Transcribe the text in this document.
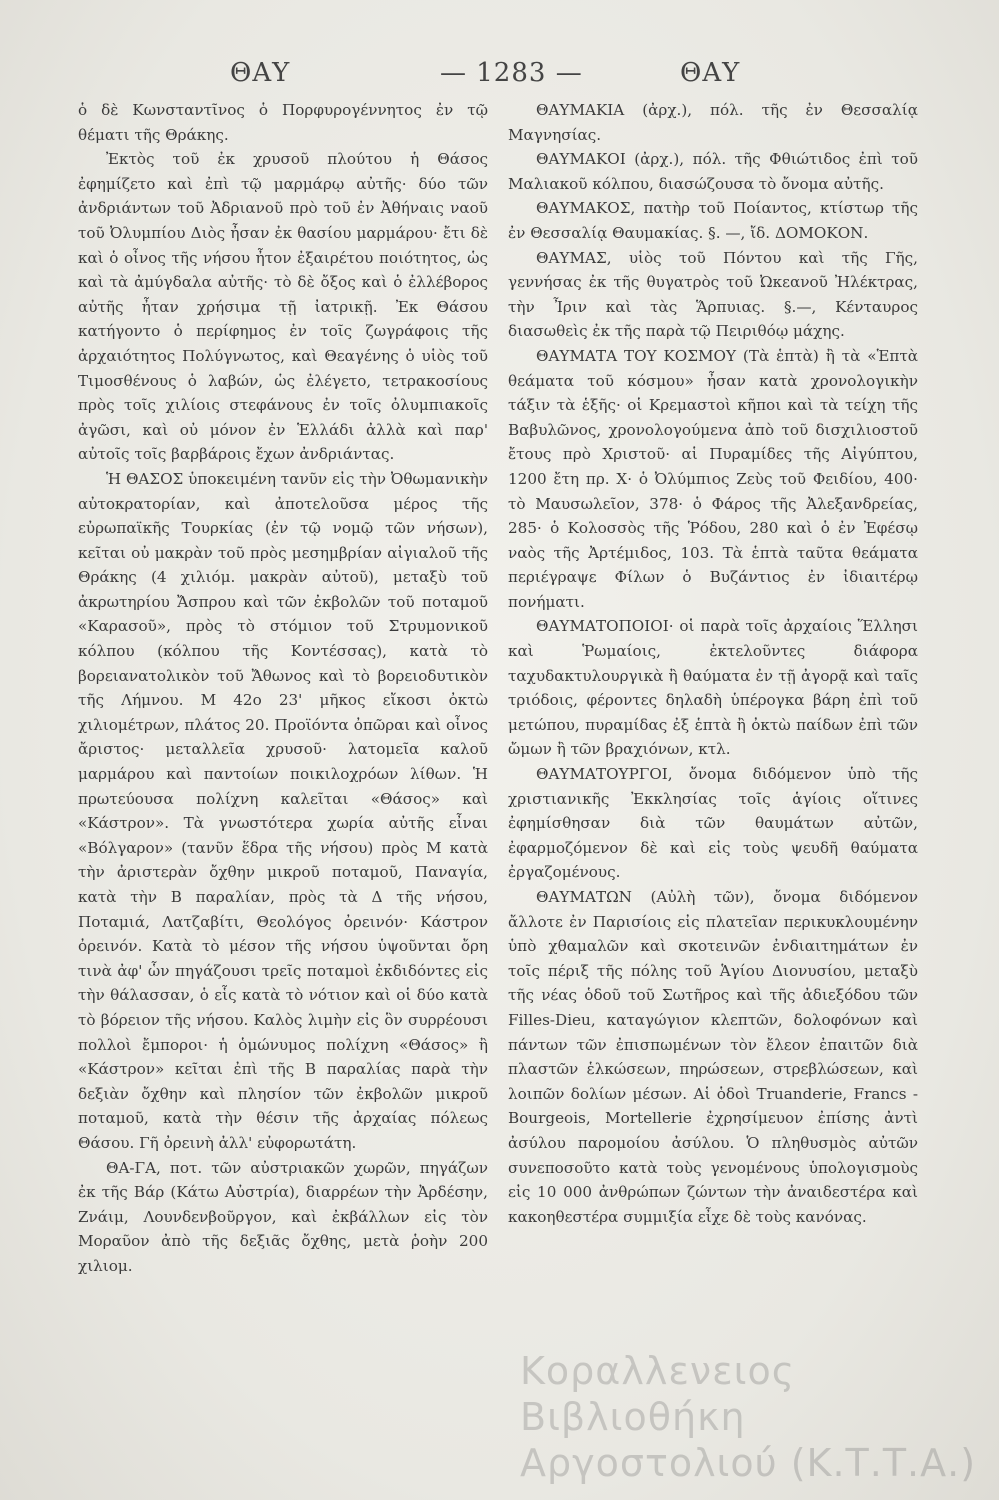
ΘΑΥ	— 1283 —	ΘΑΥ

ὁ δὲ Κωνσταντῖνος ὁ Πορφυρογέννητος ἐν τῷ θέματι τῆς Θράκης.

Ἐκτὸς τοῦ ἐκ χρυσοῦ πλούτου ἡ Θάσος ἐφημίζετο καὶ ἐπὶ τῷ μαρμάρῳ αὐτῆς· δύο τῶν ἀνδριάντων τοῦ Ἀδριανοῦ πρὸ τοῦ ἐν Ἀθήναις ναοῦ τοῦ Ὀλυμπίου Διὸς ἦσαν ἐκ θασίου μαρμάρου· ἔτι δὲ καὶ ὁ οἶνος τῆς νήσου ἦτον ἐξαιρέτου ποιότητος, ὡς καὶ τὰ ἀμύγδαλα αὐτῆς· τὸ δὲ ὄξος καὶ ὁ ἐλλέβορος αὐτῆς ἦταν χρήσιμα τῇ ἰατρικῇ. Ἐκ Θάσου κατήγοντο ὁ περίφημος ἐν τοῖς ζωγράφοις τῆς ἀρχαιότητος Πολύγνωτος, καὶ Θεαγένης ὁ υἱὸς τοῦ Τιμοσθένους ὁ λαβών, ὡς ἐλέγετο, τετρακοσίους πρὸς τοῖς χιλίοις στεφάνους ἐν τοῖς ὀλυμπιακοῖς ἀγῶσι, καὶ οὐ μόνον ἐν Ἑλλάδι ἀλλὰ καὶ παρ' αὐτοῖς τοῖς βαρβάροις ἔχων ἀνδριάντας.

Ἡ ΘΑΣΟΣ ὑποκειμένη τανῦν εἰς τὴν Ὀθωμανικὴν αὐτοκρατορίαν, καὶ ἀποτελοῦσα μέρος τῆς εὐρωπαϊκῆς Τουρκίας (ἐν τῷ νομῷ τῶν νήσων), κεῖται οὐ μακρὰν τοῦ πρὸς μεσημβρίαν αἰγιαλοῦ τῆς Θράκης (4 χιλιόμ. μακρὰν αὐτοῦ), μεταξὺ τοῦ ἀκρωτηρίου Ἄσπρου καὶ τῶν ἐκβολῶν τοῦ ποταμοῦ «Καρασοῦ», πρὸς τὸ στόμιον τοῦ Στρυμονικοῦ κόλπου (κόλπου τῆς Κοντέσσας), κατὰ τὸ βορειανατολικὸν τοῦ Ἄθωνος καὶ τὸ βορειοδυτικὸν τῆς Λήμνου. Μ 42ο 23' μῆκος εἴκοσι ὀκτὼ χιλιομέτρων, πλάτος 20. Προϊόντα ὀπῶραι καὶ οἶνος ἄριστος· μεταλλεῖα χρυσοῦ· λατομεῖα καλοῦ μαρμάρου καὶ παντοίων ποικιλοχρόων λίθων. Ἡ πρωτεύουσα πολίχνη καλεῖται «Θάσος» καὶ «Κάστρον». Τὰ γνωστότερα χωρία αὐτῆς εἶναι «Βόλγαρον» (τανῦν ἕδρα τῆς νήσου) πρὸς Μ κατὰ τὴν ἀριστερὰν ὄχθην μικροῦ ποταμοῦ, Παναγία, κατὰ τὴν Β παραλίαν, πρὸς τὰ Δ τῆς νήσου, Ποταμιά, Λατζαβίτι, Θεολόγος ὀρεινόν· Κάστρον ὀρεινόν. Κατὰ τὸ μέσον τῆς νήσου ὑψοῦνται ὄρη τινὰ ἀφ' ὧν πηγάζουσι τρεῖς ποταμοὶ ἐκδιδόντες εἰς τὴν θάλασσαν, ὁ εἷς κατὰ τὸ νότιον καὶ οἱ δύο κατὰ τὸ βόρειον τῆς νήσου. Καλὸς λιμὴν εἰς ὃν συρρέουσι πολλοὶ ἔμποροι· ἡ ὁμώνυμος πολίχνη «Θάσος» ἢ «Κάστρον» κεῖται ἐπὶ τῆς Β παραλίας παρὰ τὴν δεξιὰν ὄχθην καὶ πλησίον τῶν ἐκβολῶν μικροῦ ποταμοῦ, κατὰ τὴν θέσιν τῆς ἀρχαίας πόλεως Θάσου. Γῆ ὀρεινὴ ἀλλ' εὐφορωτάτη.

ΘΑ-ΓΑ, ποτ. τῶν αὐστριακῶν χωρῶν, πηγάζων ἐκ τῆς Βάρ (Κάτω Αὐστρία), διαρρέων τὴν Ἀρδέσην, Ζνάιμ, Λουνδενβοῦργον, καὶ ἐκβάλλων εἰς τὸν Μοραῦον ἀπὸ τῆς δεξιᾶς ὄχθης, μετὰ ῥοὴν 200 χιλιομ.

ΘΑΥΜΑΚΙΑ (ἀρχ.), πόλ. τῆς ἐν Θεσσαλίᾳ Μαγνησίας.

ΘΑΥΜΑΚΟΙ (ἀρχ.), πόλ. τῆς Φθιώτιδος ἐπὶ τοῦ Μαλιακοῦ κόλπου, διασώζουσα τὸ ὄνομα αὐτῆς.

ΘΑΥΜΑΚΟΣ, πατὴρ τοῦ Ποίαντος, κτίστωρ τῆς ἐν Θεσσαλίᾳ Θαυμακίας. §. —, ἴδ. ΔΟΜΟΚΟΝ.

ΘΑΥΜΑΣ, υἱὸς τοῦ Πόντου καὶ τῆς Γῆς, γεννήσας ἐκ τῆς θυγατρὸς τοῦ Ὠκεανοῦ Ἠλέκτρας, τὴν Ἶριν καὶ τὰς Ἅρπυιας. §.—, Κένταυρος διασωθεὶς ἐκ τῆς παρὰ τῷ Πειριθόῳ μάχης.

ΘΑΥΜΑΤΑ ΤΟΥ ΚΟΣΜΟΥ (Τὰ ἑπτὰ) ἢ τὰ «Ἑπτὰ θεάματα τοῦ κόσμου» ἦσαν κατὰ χρονολογικὴν τάξιν τὰ ἑξῆς· οἱ Κρεμαστοὶ κῆποι καὶ τὰ τείχη τῆς Βαβυλῶνος, χρονολογούμενα ἀπὸ τοῦ δισχιλιοστοῦ ἔτους πρὸ Χριστοῦ· αἱ Πυραμίδες τῆς Αἰγύπτου, 1200 ἔτη πρ. Χ· ὁ Ὀλύμπιος Ζεὺς τοῦ Φειδίου, 400· τὸ Μαυσωλεῖον, 378· ὁ Φάρος τῆς Ἀλεξανδρείας, 285· ὁ Κολοσσὸς τῆς Ῥόδου, 280 καὶ ὁ ἐν Ἐφέσῳ ναὸς τῆς Ἀρτέμιδος, 103. Τὰ ἑπτὰ ταῦτα θεάματα περιέγραψε Φίλων ὁ Βυζάντιος ἐν ἰδιαιτέρῳ πονήματι.

ΘΑΥΜΑΤΟΠΟΙΟΙ· οἱ παρὰ τοῖς ἀρχαίοις Ἕλλησι καὶ Ῥωμαίοις, ἐκτελοῦντες διάφορα ταχυδακτυλουργικὰ ἢ θαύματα ἐν τῇ ἀγορᾷ καὶ ταῖς τριόδοις, φέροντες δηλαδὴ ὑπέρογκα βάρη ἐπὶ τοῦ μετώπου, πυραμίδας ἐξ ἑπτὰ ἢ ὀκτὼ παίδων ἐπὶ τῶν ὤμων ἢ τῶν βραχιόνων, κτλ.

ΘΑΥΜΑΤΟΥΡΓΟΙ, ὄνομα διδόμενον ὑπὸ τῆς χριστιανικῆς Ἐκκλησίας τοῖς ἁγίοις οἵτινες ἐφημίσθησαν διὰ τῶν θαυμάτων αὐτῶν, ἐφαρμοζόμενον δὲ καὶ εἰς τοὺς ψευδῆ θαύματα ἐργαζομένους.

ΘΑΥΜΑΤΩΝ (Αὐλὴ τῶν), ὄνομα διδόμενον ἄλλοτε ἐν Παρισίοις εἰς πλατεῖαν περικυκλουμένην ὑπὸ χθαμαλῶν καὶ σκοτεινῶν ἐνδιαιτημάτων ἐν τοῖς πέριξ τῆς πόλης τοῦ Ἁγίου Διονυσίου, μεταξὺ τῆς νέας ὁδοῦ τοῦ Σωτῆρος καὶ τῆς ἀδιεξόδου τῶν Filles-Dieu, καταγώγιον κλεπτῶν, δολοφόνων καὶ πάντων τῶν ἐπισπωμένων τὸν ἔλεον ἐπαιτῶν διὰ πλαστῶν ἑλκώσεων, πηρώσεων, στρεβλώσεων, καὶ λοιπῶν δολίων μέσων. Αἱ ὁδοὶ Truanderie, Francs - Bourgeois, Mortellerie ἐχρησίμευον ἐπίσης ἀντὶ ἀσύλου παρομοίου ἀσύλου. Ὁ πληθυσμὸς αὐτῶν συνεποσοῦτο κατὰ τοὺς γενομένους ὑπολογισμοὺς εἰς 10 000 ἀνθρώπων ζώντων τὴν ἀναιδεστέρα καὶ κακοηθεστέρα συμμιξία εἶχε δὲ τοὺς κανόνας.

Κοραλλενειος Βιβλιοθήκη
Αργοστολιού (Κ.Τ.Τ.Α.)
